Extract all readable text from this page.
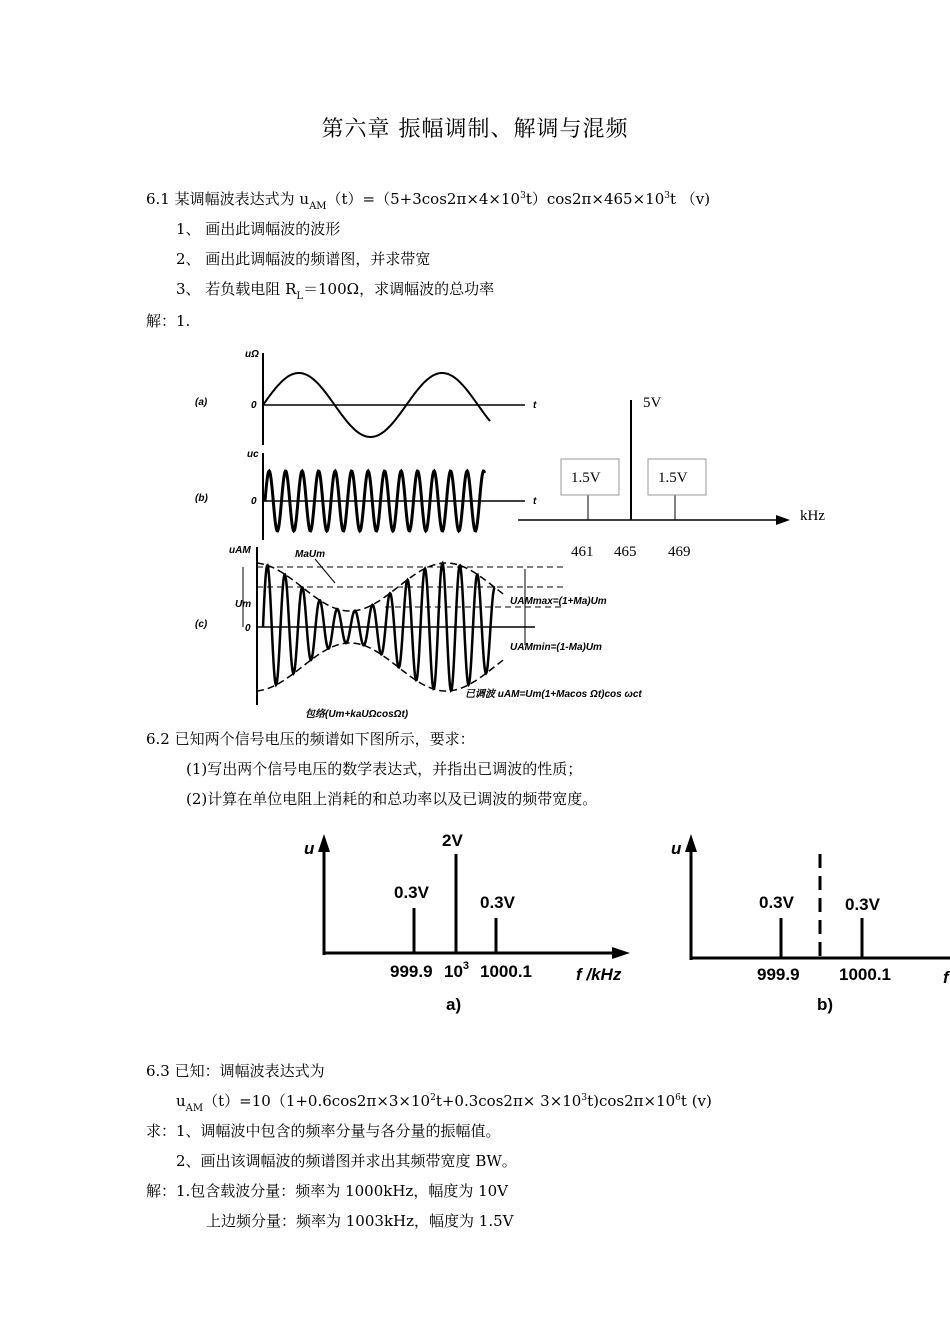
第六章 振幅调制、解调与混频
6.1 某调幅波表达式为 $u_{AM}(t)=(5+3\cos 2\pi\times 4\times 10^3t)\cos 2\pi\times 465\times 10^3t$ （v)
1、 画出此调幅波的波形
2、 画出此调幅波的频谱图，并求带宽
3、 若负载电阻 $R_L=100\Omega$，求调幅波的总功率
解：1.
(a)
uΩ
0	t
(b)
uc
0	t
(c)
uAM
Um
0
MaUm
UAMmax=(1+Ma)Um
UAMmin=(1-Ma)Um
已调波 uAM=Um(1+Macos Ωt)cos ωct
包络(Um+kaUΩcosΩt)
5V
1.5V	1.5V
kHz
461 465 469
6.2 已知两个信号电压的频谱如下图所示，要求：
(1)写出两个信号电压的数学表达式，并指出已调波的性质；
(2)计算在单位电阻上消耗的和总功率以及已调波的频带宽度。
u	2V
0.3V
0.3V
999.9 $10^3$ 1000.1	f /kHz
a)
u
0.3V	0.3V
999.9 1000.1	f
b)
6.3 已知：调幅波表达式为
$u_{AM}(t)=10(1+0.6\cos 2\pi\times 3\times 10^2t+0.3\cos 2\pi\times 3\times 10^3t)\cos 2\pi\times 10^6t$ (v)
求：1、调幅波中包含的频率分量与各分量的振幅值。
2、画出该调幅波的频谱图并求出其频带宽度 BW。
解：1.包含载波分量：频率为 1000kHz，幅度为 10V
上边频分量：频率为 1003kHz，幅度为 1.5V
